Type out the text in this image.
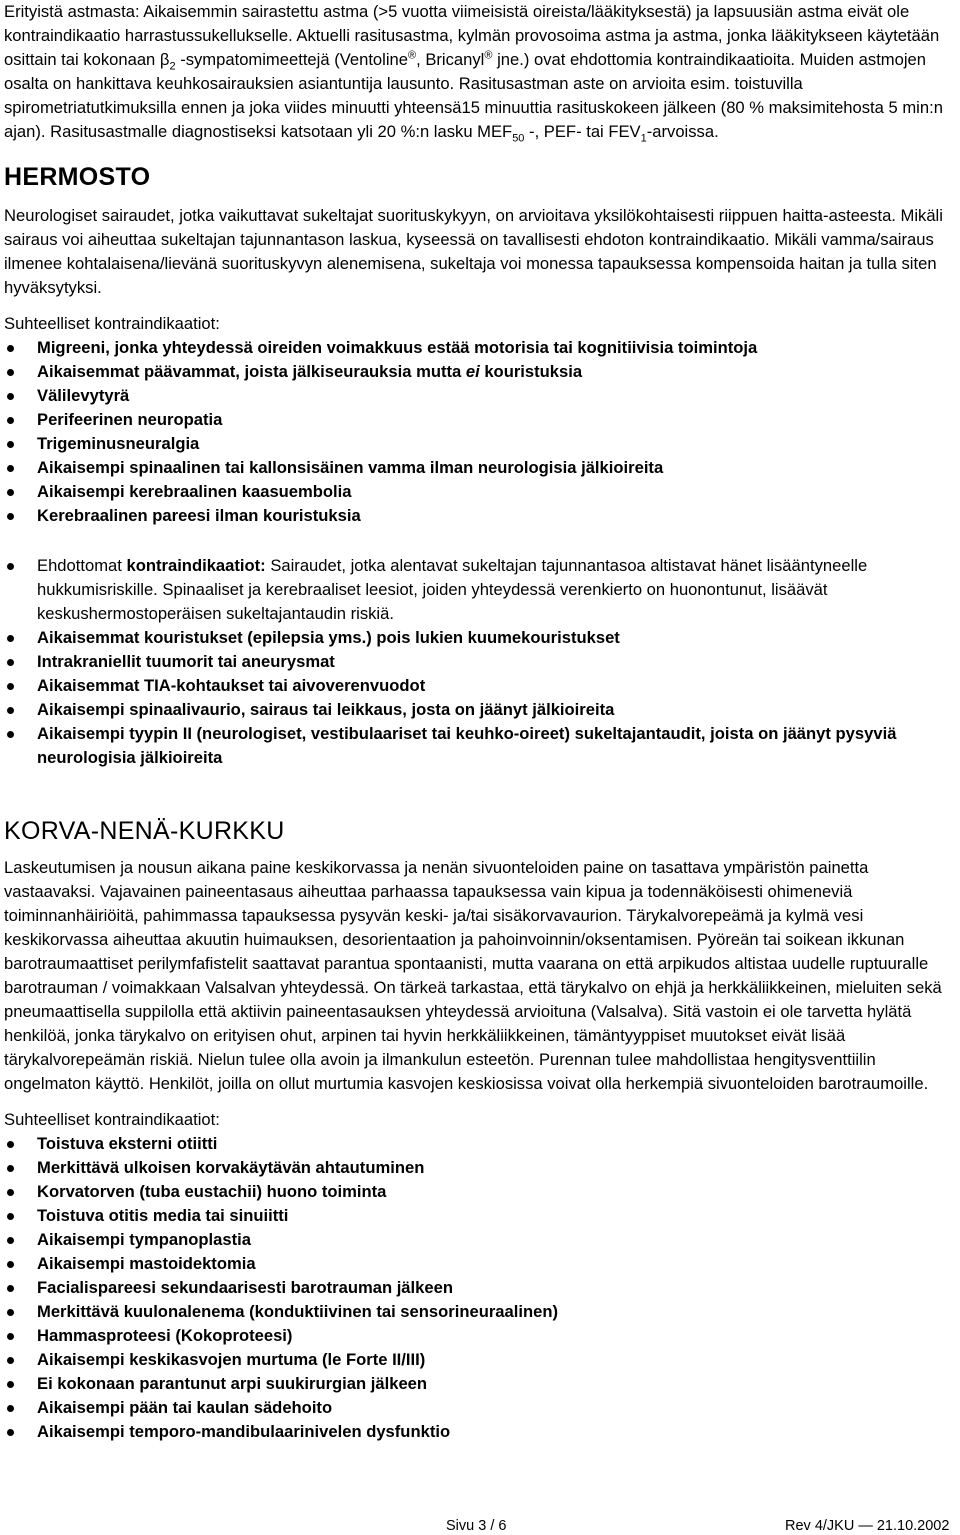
Erityistä astmasta: Aikaisemmin sairastettu astma (>5 vuotta viimeisistä oireista/lääkityksestä) ja lapsuusiän astma eivät ole kontraindikaatio harrastussukellukselle. Aktuelli rasitusastma, kylmän provosoima astma ja astma, jonka lääkitykseen käytetään osittain tai kokonaan $\beta_2$ -sympatomimeettejä (Ventoline®, Bricanyl® jne.) ovat ehdottomia kontraindikaatioita. Muiden astmojen osalta on hankittava keuhkosairauksien asiantuntija lausunto. Rasitusastman aste on arvioita esim. toistuvilla spirometriatutkimuksilla ennen ja joka viides minuutti yhteensä15 minuuttia rasituskokeen jälkeen (80 % maksimitehosta 5 min:n ajan). Rasitusastmalle diagnostiseksi katsotaan yli 20 %:n lasku $MEF_{50}$ -, PEF- tai $FEV_1$-arvoissa.

HERMOSTO

Neurologiset sairaudet, jotka vaikuttavat sukeltajat suorituskykyyn, on arvioitava yksilökohtaisesti riippuen haitta-asteesta. Mikäli sairaus voi aiheuttaa sukeltajan tajunnantason laskua, kyseessä on tavallisesti ehdoton kontraindikaatio. Mikäli vamma/sairaus ilmenee kohtalaisena/lievänä suorituskyvyn alenemisena, sukeltaja voi monessa tapauksessa kompensoida haitan ja tulla siten hyväksytyksi.

Suhteelliset kontraindikaatiot:

Migreeni, jonka yhteydessä oireiden voimakkuus estää motorisia tai kognitiivisia toimintoja
Aikaisemmat päävammat, joista jälkiseurauksia mutta ei kouristuksia
Välilevytyrä
Perifeerinen neuropatia
Trigeminusneuralgia
Aikaisempi spinaalinen tai kallonsisäinen vamma ilman neurologisia jälkioireita
Aikaisempi kerebraalinen kaasuembolia
Kerebraalinen pareesi ilman kouristuksia
Ehdottomat kontraindikaatiot: Sairaudet, jotka alentavat sukeltajan tajunnantasoa altistavat hänet lisääntyneelle hukkumisriskille. Spinaaliset ja kerebraaliset leesiot, joiden yhteydessä verenkierto on huonontunut, lisäävät keskushermostoperäisen sukeltajantaudin riskiä.
Aikaisemmat kouristukset (epilepsia yms.) pois lukien kuumekouristukset
Intrakraniellit tuumorit tai aneurysmat
Aikaisemmat TIA-kohtaukset tai aivoverenvuodot
Aikaisempi spinaalivaurio, sairaus tai leikkaus, josta on jäänyt jälkioireita
Aikaisempi tyypin II (neurologiset, vestibulaariset tai keuhko-oireet) sukeltajantaudit, joista on jäänyt pysyviä neurologisia jälkioireita
KORVA-NENÄ-KURKKU

Laskeutumisen ja nousun aikana paine keskikorvassa ja nenän sivuonteloiden paine on tasattava ympäristön painetta vastaavaksi. Vajavainen paineentasaus aiheuttaa parhaassa tapauksessa vain kipua ja todennäköisesti ohimeneviä toiminnanhäiriöitä, pahimmassa tapauksessa pysyvän keski- ja/tai sisäkorvavaurion. Tärykalvorepeämä ja kylmä vesi keskikorvassa aiheuttaa akuutin huimauksen, desorientaation ja pahoinvoinnin/oksentamisen. Pyöreän tai soikean ikkunan barotraumaattiset perilymfafistelit saattavat parantua spontaanisti, mutta vaarana on että arpikudos altistaa uudelle ruptuuralle barotrauman / voimakkaan Valsalvan yhteydessä. On tärkeä tarkastaa, että tärykalvo on ehjä ja herkkäliikkeinen, mieluiten sekä pneumaattisella suppilolla että aktiivin paineentasauksen yhteydessä arvioituna (Valsalva). Sitä vastoin ei ole tarvetta hylätä henkilöä, jonka tärykalvo on erityisen ohut, arpinen tai hyvin herkkäliikkeinen, tämäntyyppiset muutokset eivät lisää tärykalvorepeämän riskiä. Nielun tulee olla avoin ja ilmankulun esteetön. Purennan tulee mahdollistaa hengitysventtiilin ongelmaton käyttö. Henkilöt, joilla on ollut murtumia kasvojen keskiosissa voivat olla herkempiä sivuonteloiden barotraumoille.

Suhteelliset kontraindikaatiot:

Toistuva eksterni otiitti
Merkittävä ulkoisen korvakäytävän ahtautuminen
Korvatorven (tuba eustachii) huono toiminta
Toistuva otitis media tai sinuiitti
Aikaisempi tympanoplastia
Aikaisempi mastoidektomia
Facialispareesi sekundaarisesti barotrauman jälkeen
Merkittävä kuulonalenema (konduktiivinen tai sensorineuraalinen)
Hammasproteesi (Kokoproteesi)
Aikaisempi keskikasvojen murtuma (le Forte II/III)
Ei kokonaan parantunut arpi suukirurgian jälkeen
Aikaisempi pään tai kaulan sädehoito
Aikaisempi temporo-mandibulaarinivelen dysfunktio
Sivu 3 / 6	Rev 4/JKU — 21.10.2002
